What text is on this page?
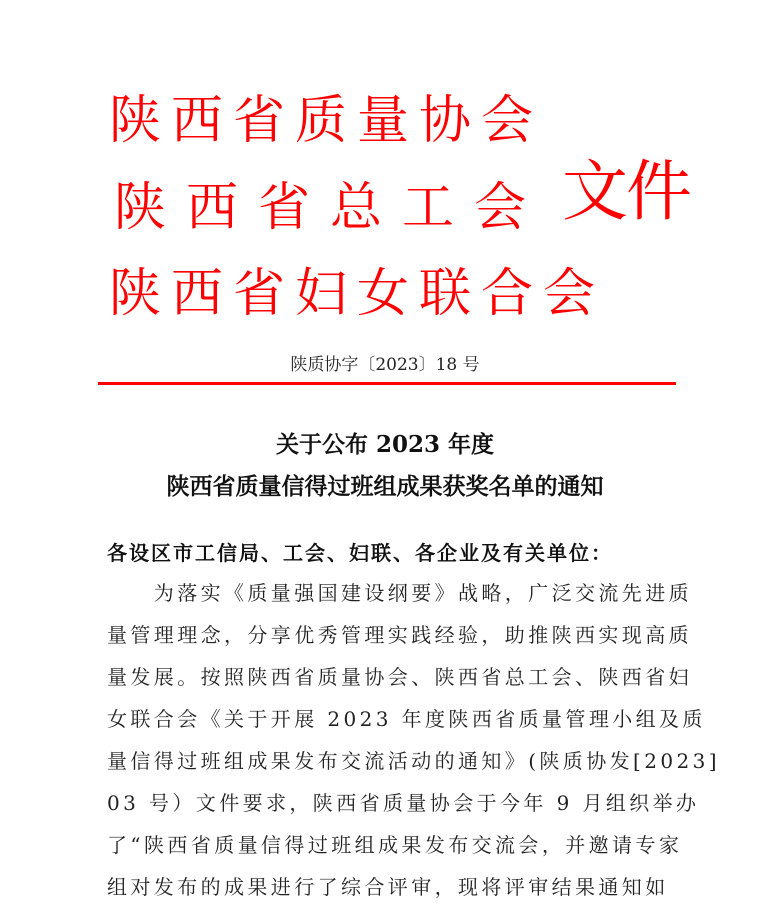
陕 西 省 质 量 协 会
陕 西 省 总 工 会
陕 西 省 妇 女 联 合 会
文件
陕质协字〔2023〕18 号
关于公布 2023 年度
陕西省质量信得过班组成果获奖名单的通知
各设区市工信局、工会、妇联、各企业及有关单位：
　　为落实《质量强国建设纲要》战略，广泛交流先进质
量管理理念，分享优秀管理实践经验，助推陕西实现高质
量发展。按照陕西省质量协会、陕西省总工会、陕西省妇
女联合会《关于开展 2023 年度陕西省质量管理小组及质
量信得过班组成果发布交流活动的通知》(陕质协发[2023]
03 号）文件要求，陕西省质量协会于今年 9 月组织举办
了“陕西省质量信得过班组成果发布交流会，并邀请专家
组对发布的成果进行了综合评审，现将评审结果通知如
